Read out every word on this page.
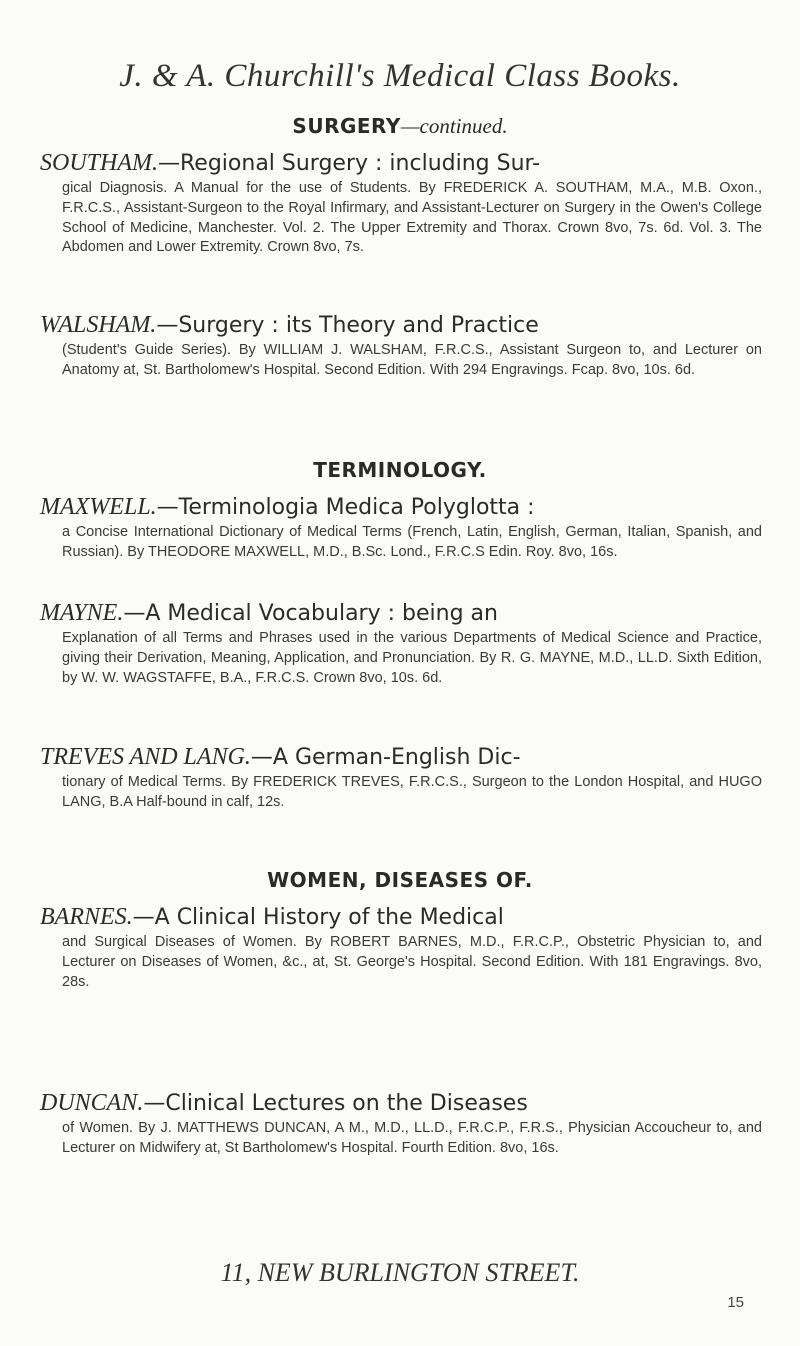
J. & A. Churchill's Medical Class Books.
SURGERY—continued.
SOUTHAM.—Regional Surgery : including Sur-
gical Diagnosis. A Manual for the use of Students. By FREDERICK A. SOUTHAM, M.A., M.B. Oxon., F.R.C.S., Assistant-Surgeon to the Royal Infirmary, and Assistant-Lecturer on Surgery in the Owen's College School of Medicine, Manchester. Vol. 2. The Upper Extremity and Thorax. Crown 8vo, 7s. 6d. Vol. 3. The Abdomen and Lower Extremity. Crown 8vo, 7s.
WALSHAM.—Surgery : its Theory and Practice
(Student's Guide Series). By WILLIAM J. WALSHAM, F.R.C.S., Assistant Surgeon to, and Lecturer on Anatomy at, St. Bartholomew's Hospital. Second Edition. With 294 Engravings. Fcap. 8vo, 10s. 6d.
TERMINOLOGY.
MAXWELL.—Terminologia Medica Polyglotta :
a Concise International Dictionary of Medical Terms (French, Latin, English, German, Italian, Spanish, and Russian). By THEODORE MAXWELL, M.D., B.Sc. Lond., F.R.C.S Edin. Roy. 8vo, 16s.
MAYNE.—A Medical Vocabulary : being an
Explanation of all Terms and Phrases used in the various Departments of Medical Science and Practice, giving their Derivation, Meaning, Application, and Pronunciation. By R. G. MAYNE, M.D., LL.D. Sixth Edition, by W. W. WAGSTAFFE, B.A., F.R.C.S. Crown 8vo, 10s. 6d.
TREVES AND LANG.—A German-English Dic-
tionary of Medical Terms. By FREDERICK TREVES, F.R.C.S., Surgeon to the London Hospital, and HUGO LANG, B.A Half-bound in calf, 12s.
WOMEN, DISEASES OF.
BARNES.—A Clinical History of the Medical
and Surgical Diseases of Women. By ROBERT BARNES, M.D., F.R.C.P., Obstetric Physician to, and Lecturer on Diseases of Women, &c., at, St. George's Hospital. Second Edition. With 181 Engravings. 8vo, 28s.
DUNCAN.—Clinical Lectures on the Diseases
of Women. By J. MATTHEWS DUNCAN, A M., M.D., LL.D., F.R.C.P., F.R.S., Physician Accoucheur to, and Lecturer on Midwifery at, St Bartholomew's Hospital. Fourth Edition. 8vo, 16s.
11, NEW BURLINGTON STREET.
15
